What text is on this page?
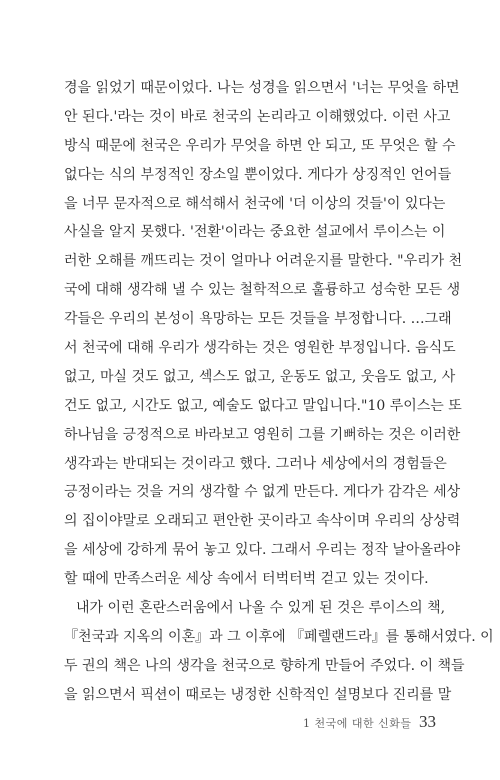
경을 읽었기 때문이었다. 나는 성경을 읽으면서 '너는 무엇을 하면
안 된다.'라는 것이 바로 천국의 논리라고 이해했었다. 이런 사고
방식 때문에 천국은 우리가 무엇을 하면 안 되고, 또 무엇은 할 수
없다는 식의 부정적인 장소일 뿐이었다. 게다가 상징적인 언어들
을 너무 문자적으로 해석해서 천국에 '더 이상의 것들'이 있다는
사실을 알지 못했다. '전환'이라는 중요한 설교에서 루이스는 이
러한 오해를 깨뜨리는 것이 얼마나 어려운지를 말한다. "우리가 천
국에 대해 생각해 낼 수 있는 철학적으로 훌륭하고 성숙한 모든 생
각들은 우리의 본성이 욕망하는 모든 것들을 부정합니다. …그래
서 천국에 대해 우리가 생각하는 것은 영원한 부정입니다. 음식도
없고, 마실 것도 없고, 섹스도 없고, 운동도 없고, 웃음도 없고, 사
건도 없고, 시간도 없고, 예술도 없다고 말입니다."10 루이스는 또
하나님을 긍정적으로 바라보고 영원히 그를 기뻐하는 것은 이러한
생각과는 반대되는 것이라고 했다. 그러나 세상에서의 경험들은
긍정이라는 것을 거의 생각할 수 없게 만든다. 게다가 감각은 세상
의 집이야말로 오래되고 편안한 곳이라고 속삭이며 우리의 상상력
을 세상에 강하게 묶어 놓고 있다. 그래서 우리는 정작 날아올라야
할 때에 만족스러운 세상 속에서 터벅터벅 걷고 있는 것이다.
내가 이런 혼란스러움에서 나올 수 있게 된 것은 루이스의 책,
『천국과 지옥의 이혼』과 그 이후에 『페렐랜드라』를 통해서였다. 이
두 권의 책은 나의 생각을 천국으로 향하게 만들어 주었다. 이 책들
을 읽으면서 픽션이 때로는 냉정한 신학적인 설명보다 진리를 말
1 천국에 대한 신화들 33
